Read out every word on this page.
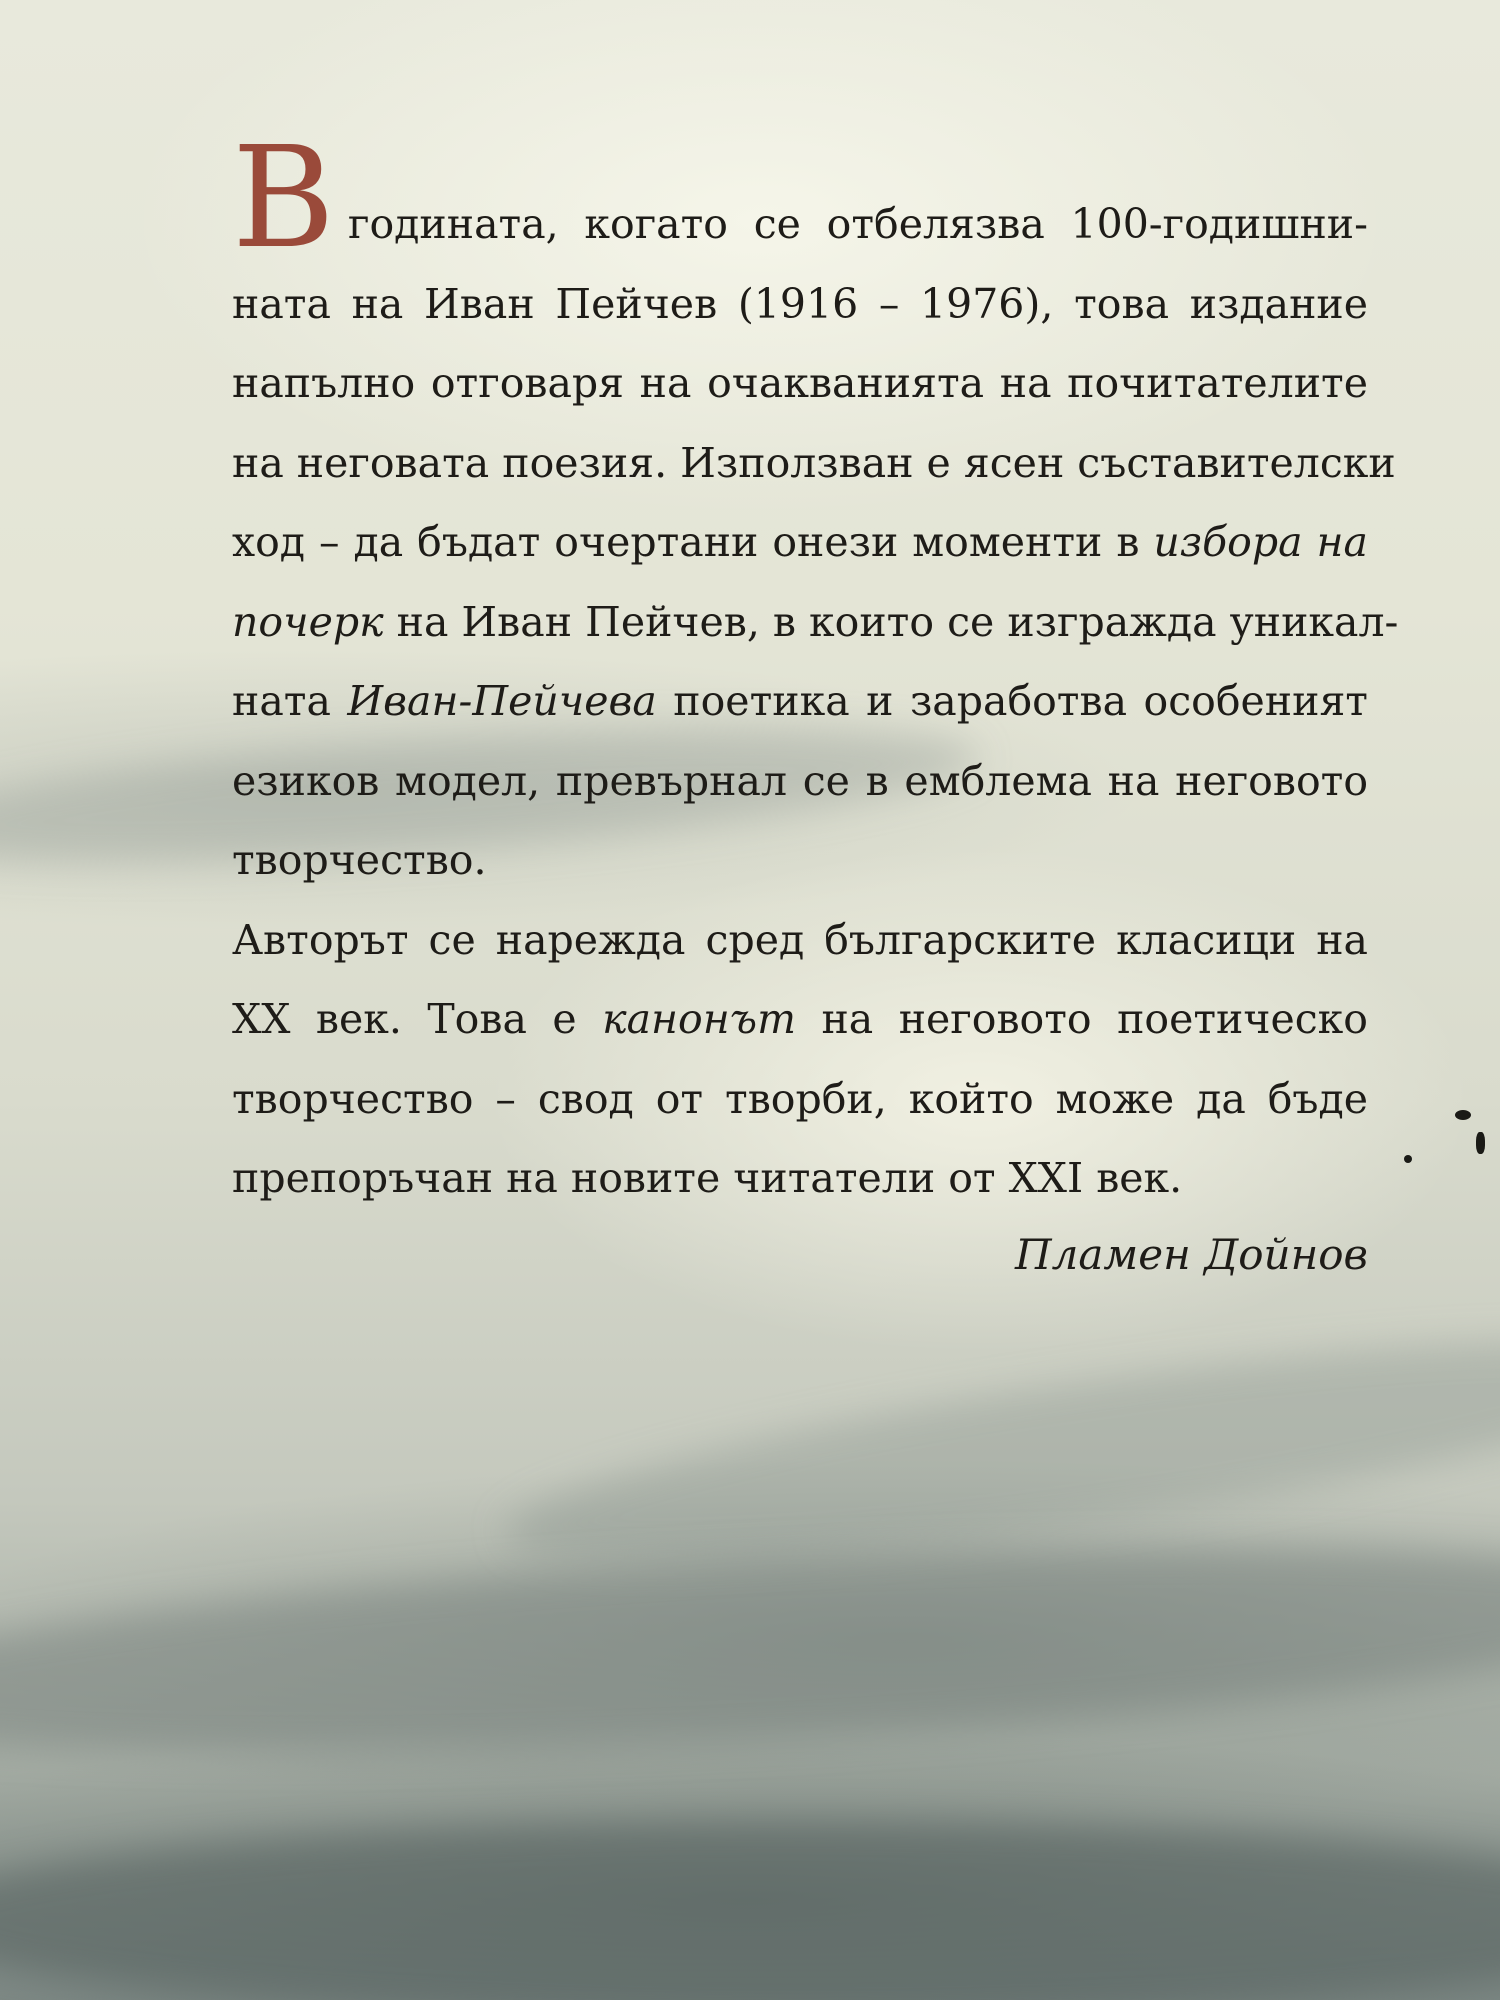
В годината, когато се отбелязва 100-годишни-
ната на Иван Пейчев (1916 – 1976), това издание
напълно отговаря на очакванията на почитателите
на неговата поезия. Използван е ясен съставителски
ход – да бъдат очертани онези моменти в избора на
почерк на Иван Пейчев, в които се изгражда уникал-
ната Иван-Пейчева поетика и заработва особеният
езиков модел, превърнал се в емблема на неговото
творчество.
Авторът се нарежда сред българските класици на
XX век. Това е канонът на неговото поетическо
творчество – свод от творби, който може да бъде
препоръчан на новите читатели от XXI век.
Пламен Дойнов
